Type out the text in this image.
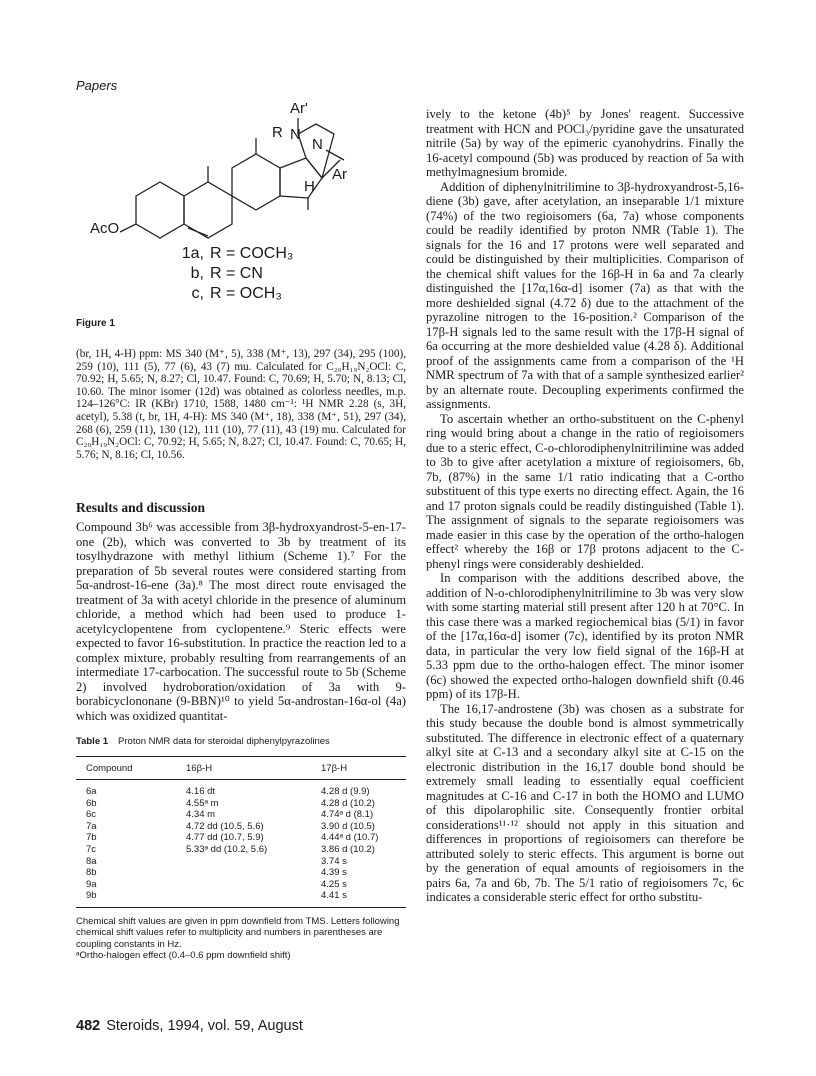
Papers
Ar'
R N
N
Ar
H
AcO
1a, R = COCH₃
b, R = CN
c, R = OCH₃
Figure 1

(br, 1H, 4-H) ppm: MS 340 (M⁺, 5), 338 (M⁺, 13), 297 (34), 295 (100), 259 (10), 111 (5), 77 (6), 43 (7) mu. Calculated for C₂₀H₁₉N₂OCl: C, 70.92; H, 5.65; N, 8.27; Cl, 10.47. Found: C, 70.69; H, 5.70; N, 8.13; Cl, 10.60. The minor isomer (12d) was obtained as colorless needles, m.p. 124–126°C: IR (KBr) 1710, 1588, 1480 cm⁻¹: ¹H NMR 2.28 (s, 3H, acetyl), 5.38 (t, br, 1H, 4-H): MS 340 (M⁺, 18), 338 (M⁺, 51), 297 (34), 268 (6), 259 (11), 130 (12), 111 (10), 77 (11), 43 (19) mu. Calculated for C₂₀H₁₉N₂OCl: C, 70.92; H, 5.65; N, 8.27; Cl, 10.47. Found: C, 70.65; H, 5.76; N, 8.16; Cl, 10.56.

Results and discussion

Compound 3b⁶ was accessible from 3β-hydroxyandrost-5-en-17-one (2b), which was converted to 3b by treatment of its tosylhydrazone with methyl lithium (Scheme 1).⁷ For the preparation of 5b several routes were considered starting from 5α-androst-16-ene (3a).⁸ The most direct route envisaged the treatment of 3a with acetyl chloride in the presence of aluminum chloride, a method which had been used to produce 1-acetylcyclopentene from cyclopentene.⁹ Steric effects were expected to favor 16-substitution. In practice the reaction led to a complex mixture, probably resulting from rearrangements of an intermediate 17-carbocation. The successful route to 5b (Scheme 2) involved hydroboration/oxidation of 3a with 9-borabicyclononane (9-BBN)¹⁰ to yield 5α-androstan-16α-ol (4a) which was oxidized quantitat-

Table 1 Proton NMR data for steroidal diphenylpyrazolines
Compound	16β-H	17β-H
6a	4.16 dt	4.28 d (9.9)
6b	4.55ᵃ m	4.28 d (10.2)
6c	4.34 m	4.74ᵃ d (8.1)
7a	4.72 dd (10.5, 5.6)	3.90 d (10.5)
7b	4.77 dd (10.7, 5.9)	4.44ᵃ d (10.7)
7c	5.33ᵃ dd (10.2, 5.6)	3.86 d (10.2)
8a		3.74 s
8b		4.39 s
9a		4.25 s
9b		4.41 s
Chemical shift values are given in ppm downfield from TMS. Letters following chemical shift values refer to multiplicity and numbers in parentheses are coupling constants in Hz.
ᵃOrtho-halogen effect (0.4–0.6 ppm downfield shift)

ively to the ketone (4b)⁵ by Jones' reagent. Successive treatment with HCN and POCl₃/pyridine gave the unsaturated nitrile (5a) by way of the epimeric cyanohydrins. Finally the 16-acetyl compound (5b) was produced by reaction of 5a with methylmagnesium bromide.

Addition of diphenylnitrilimine to 3β-hydroxyandrost-5,16-diene (3b) gave, after acetylation, an inseparable 1/1 mixture (74%) of the two regioisomers (6a, 7a) whose components could be readily identified by proton NMR (Table 1). The signals for the 16 and 17 protons were well separated and could be distinguished by their multiplicities. Comparison of the chemical shift values for the 16β-H in 6a and 7a clearly distinguished the [17α,16α-d] isomer (7a) as that with the more deshielded signal (4.72 δ) due to the attachment of the pyrazoline nitrogen to the 16-position.² Comparison of the 17β-H signals led to the same result with the 17β-H signal of 6a occurring at the more deshielded value (4.28 δ). Additional proof of the assignments came from a comparison of the ¹H NMR spectrum of 7a with that of a sample synthesized earlier² by an alternate route. Decoupling experiments confirmed the assignments.

To ascertain whether an ortho-substituent on the C-phenyl ring would bring about a change in the ratio of regioisomers due to a steric effect, C-o-chlorodiphenylnitrilimine was added to 3b to give after acetylation a mixture of regioisomers, 6b, 7b, (87%) in the same 1/1 ratio indicating that a C-ortho substituent of this type exerts no directing effect. Again, the 16 and 17 proton signals could be readily distinguished (Table 1). The assignment of signals to the separate regioisomers was made easier in this case by the operation of the ortho-halogen effect² whereby the 16β or 17β protons adjacent to the C-phenyl rings were considerably deshielded.

In comparison with the additions described above, the addition of N-o-chlorodiphenylnitrilimine to 3b was very slow with some starting material still present after 120 h at 70°C. In this case there was a marked regiochemical bias (5/1) in favor of the [17α,16α-d] isomer (7c), identified by its proton NMR data, in particular the very low field signal of the 16β-H at 5.33 ppm due to the ortho-halogen effect. The minor isomer (6c) showed the expected ortho-halogen downfield shift (0.46 ppm) of its 17β-H.

The 16,17-androstene (3b) was chosen as a substrate for this study because the double bond is almost symmetrically substituted. The difference in electronic effect of a quaternary alkyl site at C-13 and a secondary alkyl site at C-15 on the electronic distribution in the 16,17 double bond should be extremely small leading to essentially equal coefficient magnitudes at C-16 and C-17 in both the HOMO and LUMO of this dipolarophilic site. Consequently frontier orbital considerations¹¹·¹² should not apply in this situation and differences in proportions of regioisomers can therefore be attributed solely to steric effects. This argument is borne out by the generation of equal amounts of regioisomers in the pairs 6a, 7a and 6b, 7b. The 5/1 ratio of regioisomers 7c, 6c indicates a considerable steric effect for ortho substitu-

482 Steroids, 1994, vol. 59, August
